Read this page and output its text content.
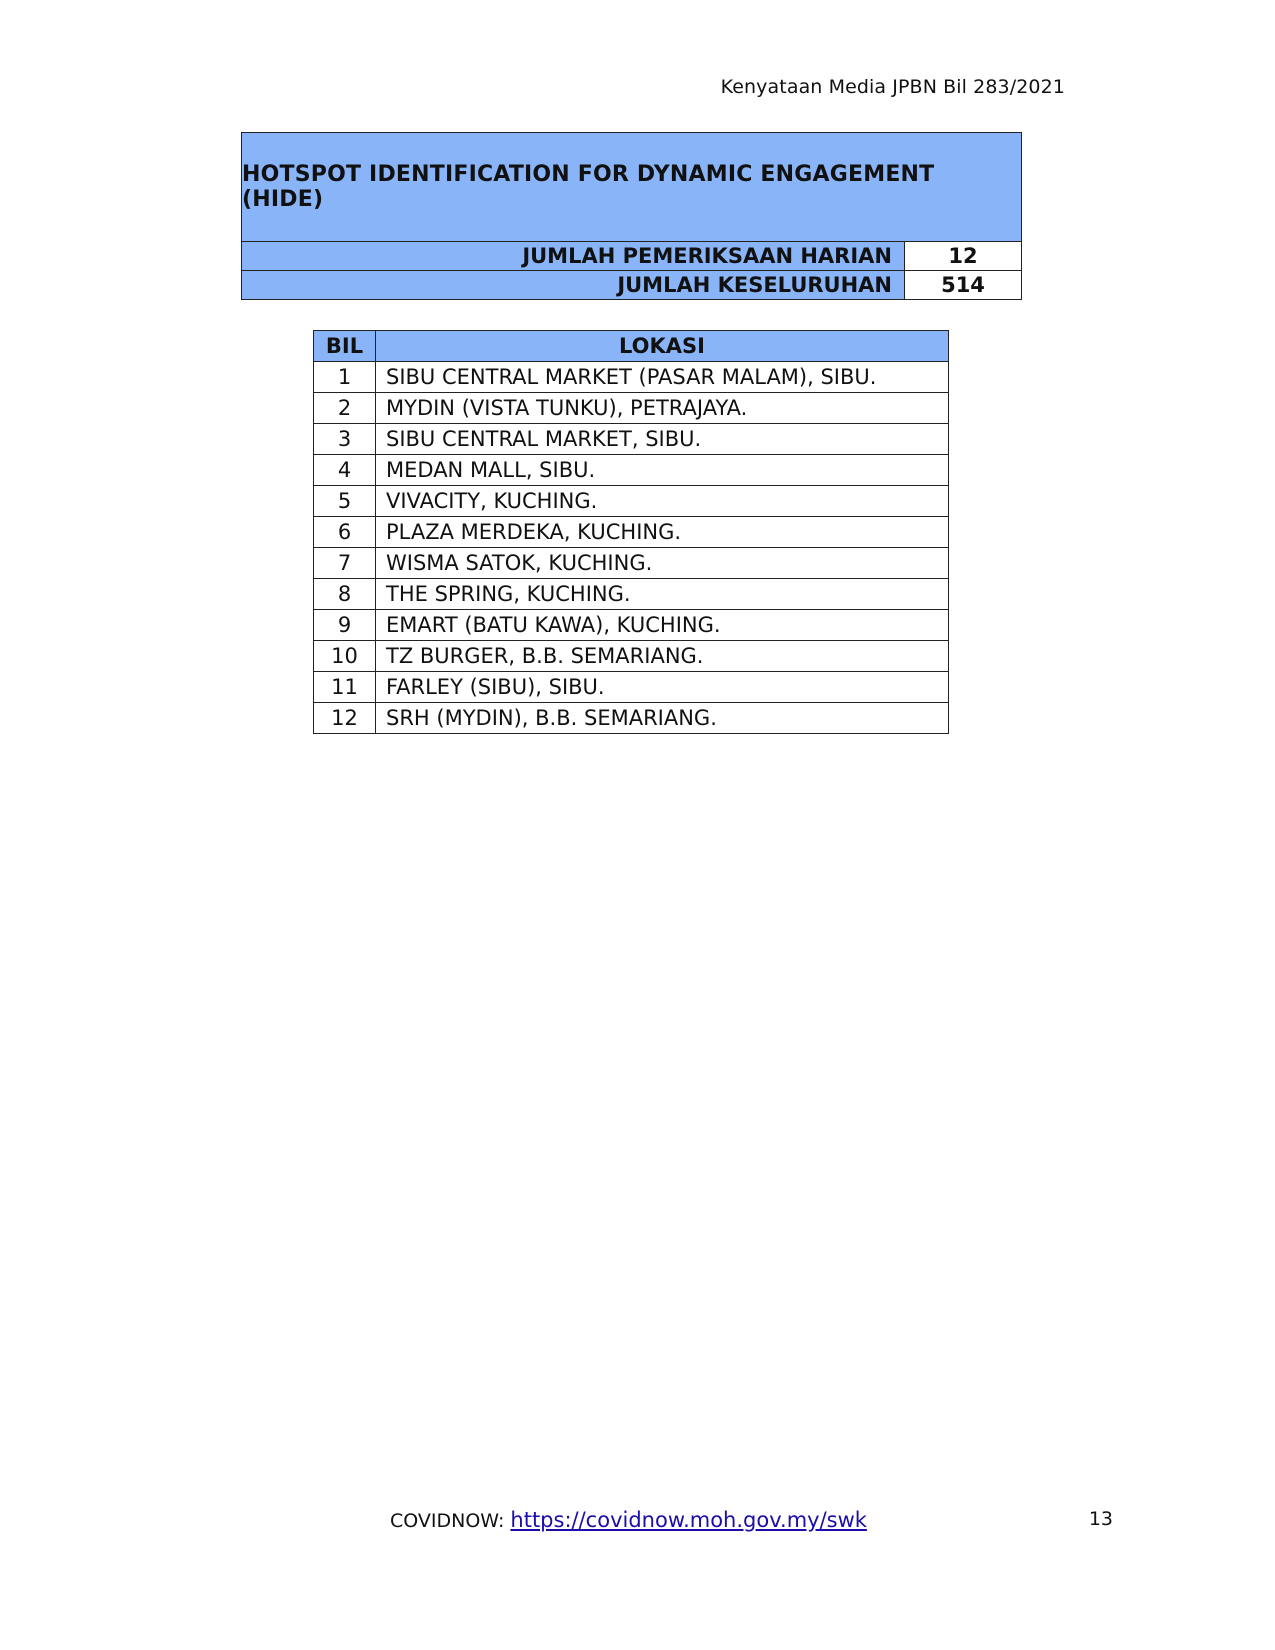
Kenyataan Media JPBN Bil 283/2021
HOTSPOT IDENTIFICATION FOR DYNAMIC ENGAGEMENT (HIDE)
JUMLAH PEMERIKSAAN HARIAN	12
JUMLAH KESELURUHAN	514
BIL	LOKASI
1	SIBU CENTRAL MARKET (PASAR MALAM), SIBU.
2	MYDIN (VISTA TUNKU), PETRAJAYA.
3	SIBU CENTRAL MARKET, SIBU.
4	MEDAN MALL, SIBU.
5	VIVACITY, KUCHING.
6	PLAZA MERDEKA, KUCHING.
7	WISMA SATOK, KUCHING.
8	THE SPRING, KUCHING.
9	EMART (BATU KAWA), KUCHING.
10	TZ BURGER, B.B. SEMARIANG.
11	FARLEY (SIBU), SIBU.
12	SRH (MYDIN), B.B. SEMARIANG.
COVIDNOW: https://covidnow.moh.gov.my/swk	13
